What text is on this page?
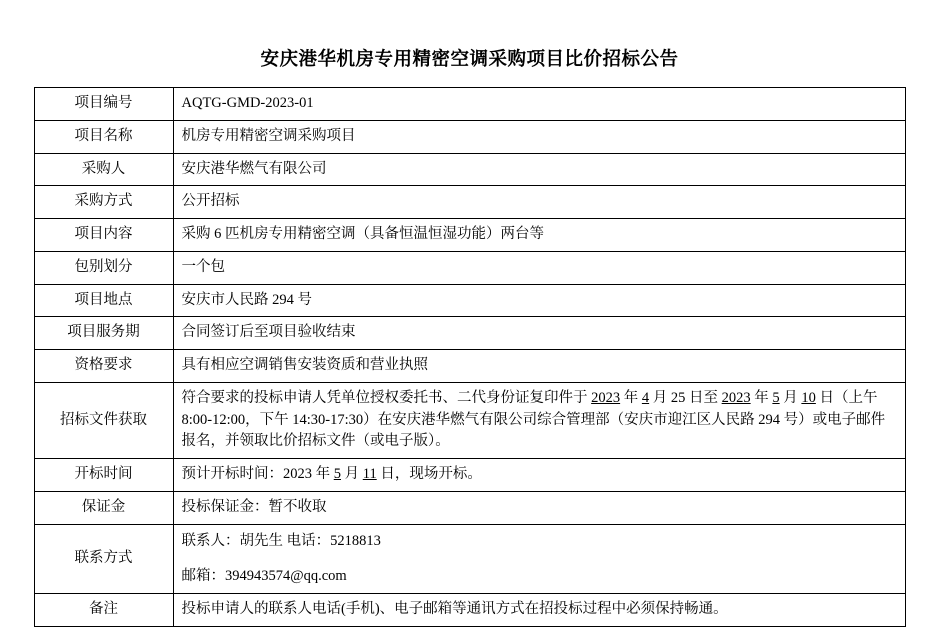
安庆港华机房专用精密空调采购项目比价招标公告
项目编号	AQTG-GMD-2023-01
项目名称	机房专用精密空调采购项目
采购人	安庆港华燃气有限公司
采购方式	公开招标
项目内容	采购 6 匹机房专用精密空调（具备恒温恒湿功能）两台等
包别划分	一个包
项目地点	安庆市人民路 294 号
项目服务期	合同签订后至项目验收结束
资格要求	具有相应空调销售安装资质和营业执照
招标文件获取	符合要求的投标申请人凭单位授权委托书、二代身份证复印件于 2023 年 4 月 25 日至 2023 年 5 月 10 日（上午 8:00-12:00，下午 14:30-17:30）在安庆港华燃气有限公司综合管理部（安庆市迎江区人民路 294 号）或电子邮件报名，并领取比价招标文件（或电子版）。
开标时间	预计开标时间：2023 年 5 月 11 日，现场开标。
保证金	投标保证金：暂不收取
联系方式	联系人：胡先生 电话：5218813
邮箱：394943574@qq.com

备注	投标申请人的联系人电话(手机)、电子邮箱等通讯方式在招投标过程中必须保持畅通。
